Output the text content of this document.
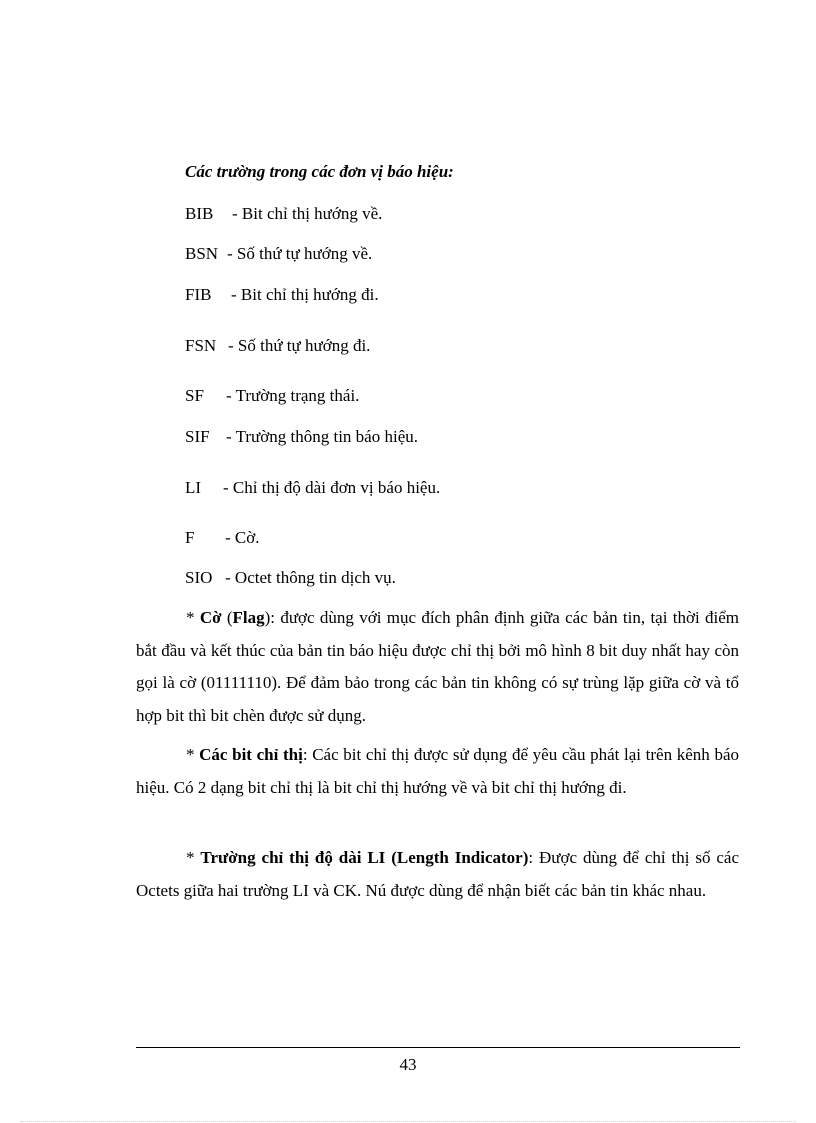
Các trường trong các đơn vị báo hiệu:
BIB - Bit chỉ thị hướng về.
BSN - Số thứ tự hướng về.
FIB - Bit chỉ thị hướng đi.
FSN - Số thứ tự hướng đi.
SF - Trường trạng thái.
SIF - Trường thông tin báo hiệu.
LI - Chỉ thị độ dài đơn vị báo hiệu.
F - Cờ.
SIO - Octet thông tin dịch vụ.

* Cờ (Flag): được dùng với mục đích phân định giữa các bản tin, tại thời điểm bắt đầu và kết thúc của bản tin báo hiệu được chỉ thị bởi mô hình 8 bit duy nhất hay còn gọi là cờ (01111110). Để đảm bảo trong các bản tin không có sự trùng lặp giữa cờ và tổ hợp bit thì bit chèn được sử dụng.

* Các bit chỉ thị: Các bit chỉ thị được sử dụng để yêu cầu phát lại trên kênh báo hiệu. Có 2 dạng bit chỉ thị là bit chỉ thị hướng về và bit chỉ thị hướng đi.

* Trường chỉ thị độ dài LI (Length Indicator): Được dùng để chỉ thị số các Octets giữa hai trường LI và CK. Nú được dùng để nhận biết các bản tin khác nhau.

43
